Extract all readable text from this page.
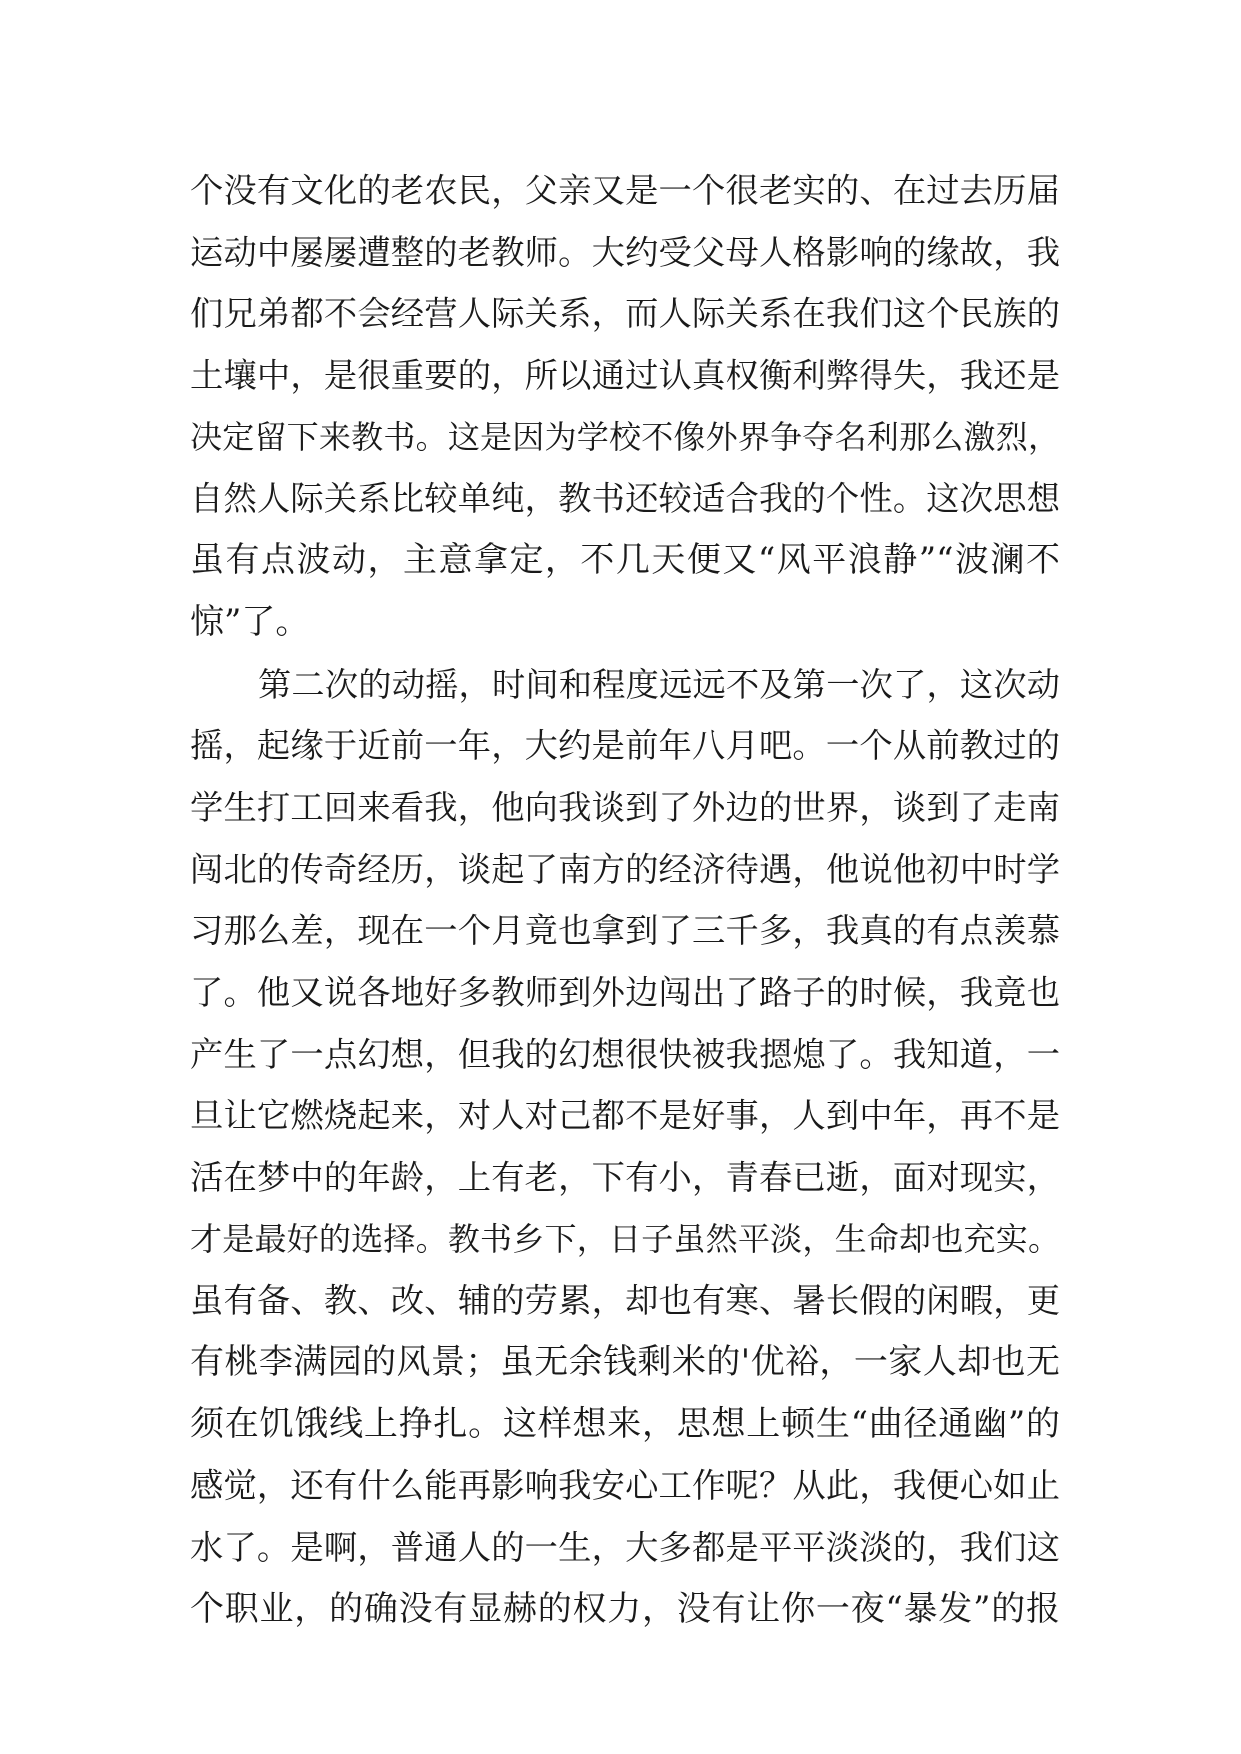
个没有文化的老农民，父亲又是一个很老实的、在过去历届
运动中屡屡遭整的老教师。大约受父母人格影响的缘故，我
们兄弟都不会经营人际关系，而人际关系在我们这个民族的
土壤中，是很重要的，所以通过认真权衡利弊得失，我还是
决定留下来教书。这是因为学校不像外界争夺名利那么激烈，
自然人际关系比较单纯，教书还较适合我的个性。这次思想
虽有点波动，主意拿定，不几天便又“风平浪静”“波澜不
惊”了。
第二次的动摇，时间和程度远远不及第一次了，这次动
摇，起缘于近前一年，大约是前年八月吧。一个从前教过的
学生打工回来看我，他向我谈到了外边的世界，谈到了走南
闯北的传奇经历，谈起了南方的经济待遇，他说他初中时学
习那么差，现在一个月竟也拿到了三千多，我真的有点羡慕
了。他又说各地好多教师到外边闯出了路子的时候，我竟也
产生了一点幻想，但我的幻想很快被我摁熄了。我知道，一
旦让它燃烧起来，对人对己都不是好事，人到中年，再不是
活在梦中的年龄，上有老，下有小，青春已逝，面对现实，
才是最好的选择。教书乡下，日子虽然平淡，生命却也充实。
虽有备、教、改、辅的劳累，却也有寒、暑长假的闲暇，更
有桃李满园的风景；虽无余钱剩米的'优裕，一家人却也无
须在饥饿线上挣扎。这样想来，思想上顿生“曲径通幽”的
感觉，还有什么能再影响我安心工作呢？从此，我便心如止
水了。是啊，普通人的一生，大多都是平平淡淡的，我们这
个职业，的确没有显赫的权力，没有让你一夜“暴发”的报
